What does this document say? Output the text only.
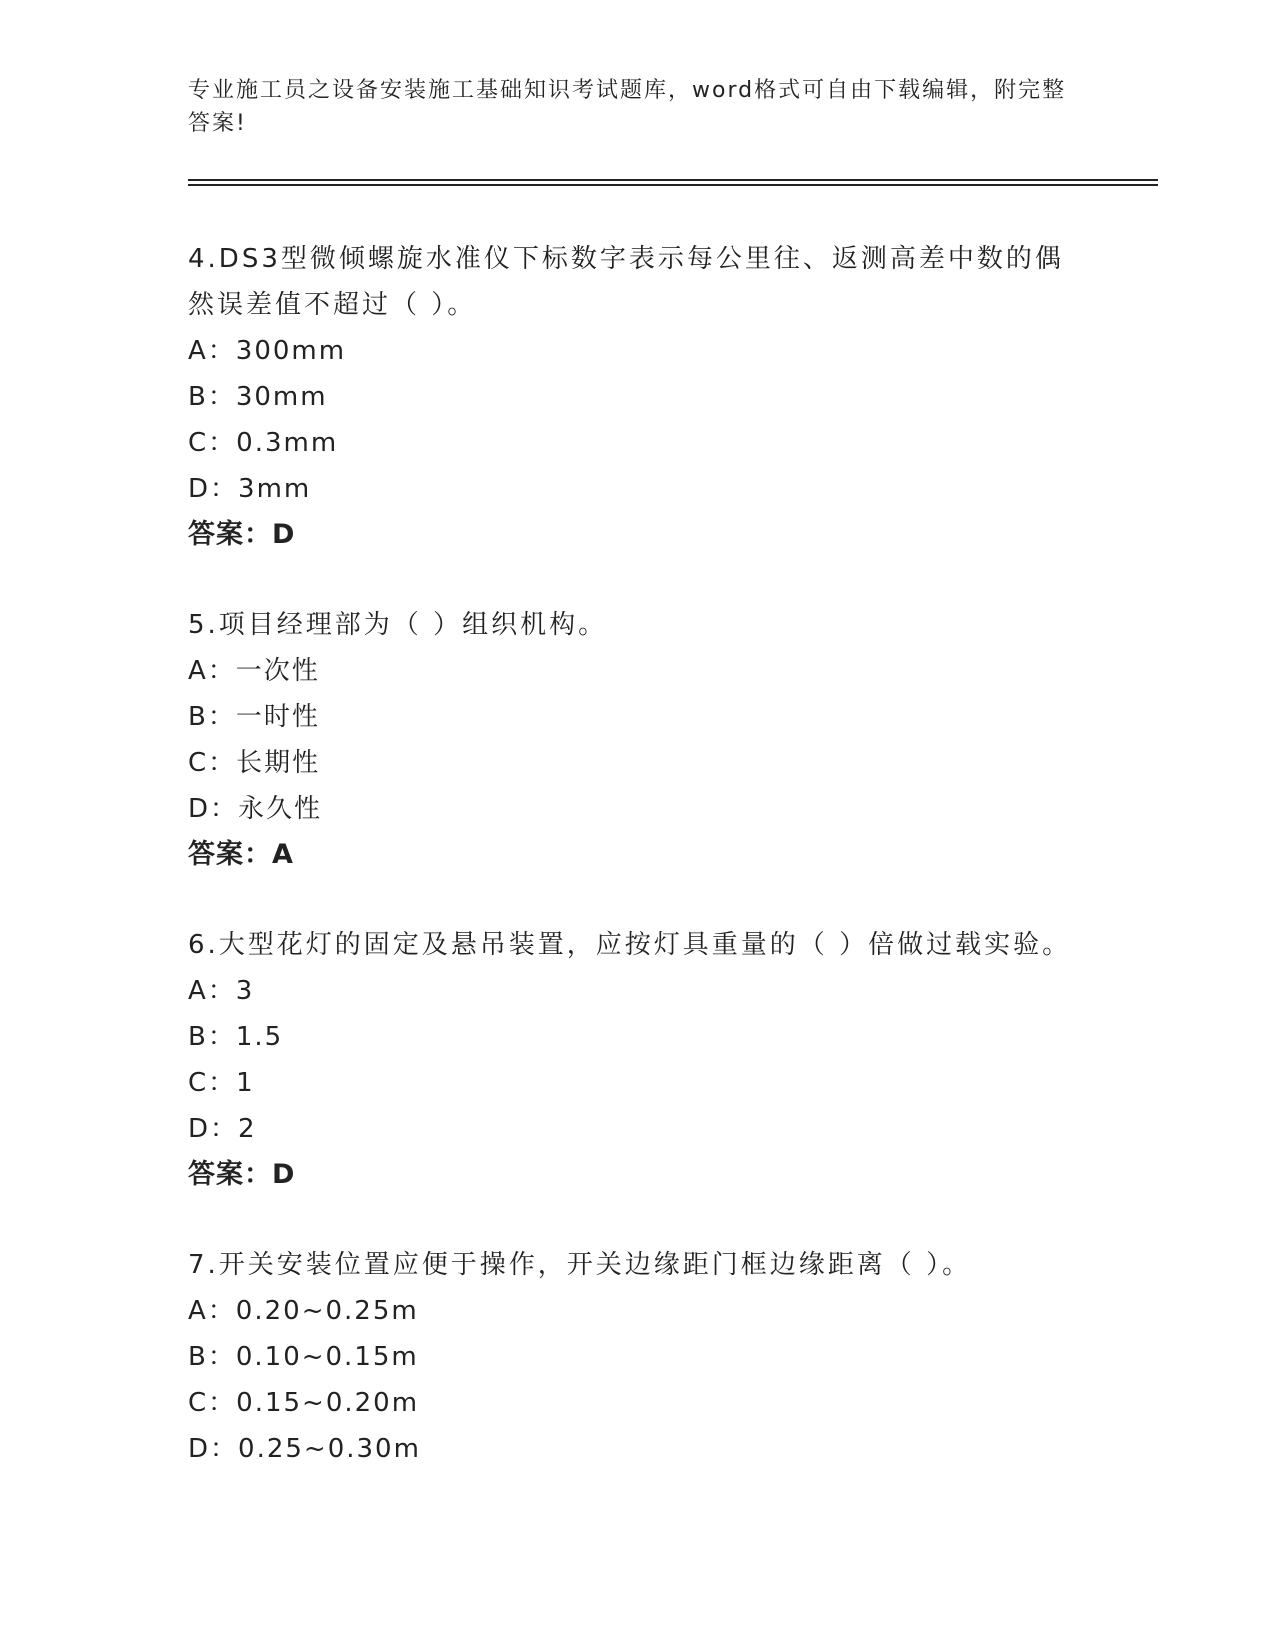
专业施工员之设备安装施工基础知识考试题库，word格式可自由下载编辑，附完整答案!
4.DS3型微倾螺旋水准仪下标数字表示每公里往、返测高差中数的偶然误差值不超过（ ）。
A：300mm
B：30mm
C：0.3mm
D：3mm
答案：D
5.项目经理部为（ ）组织机构。
A：一次性
B：一时性
C：长期性
D：永久性
答案：A
6.大型花灯的固定及悬吊装置，应按灯具重量的（ ）倍做过载实验。
A：3
B：1.5
C：1
D：2
答案：D
7.开关安装位置应便于操作，开关边缘距门框边缘距离（ ）。
A：0.20~0.25m
B：0.10~0.15m
C：0.15~0.20m
D：0.25~0.30m
